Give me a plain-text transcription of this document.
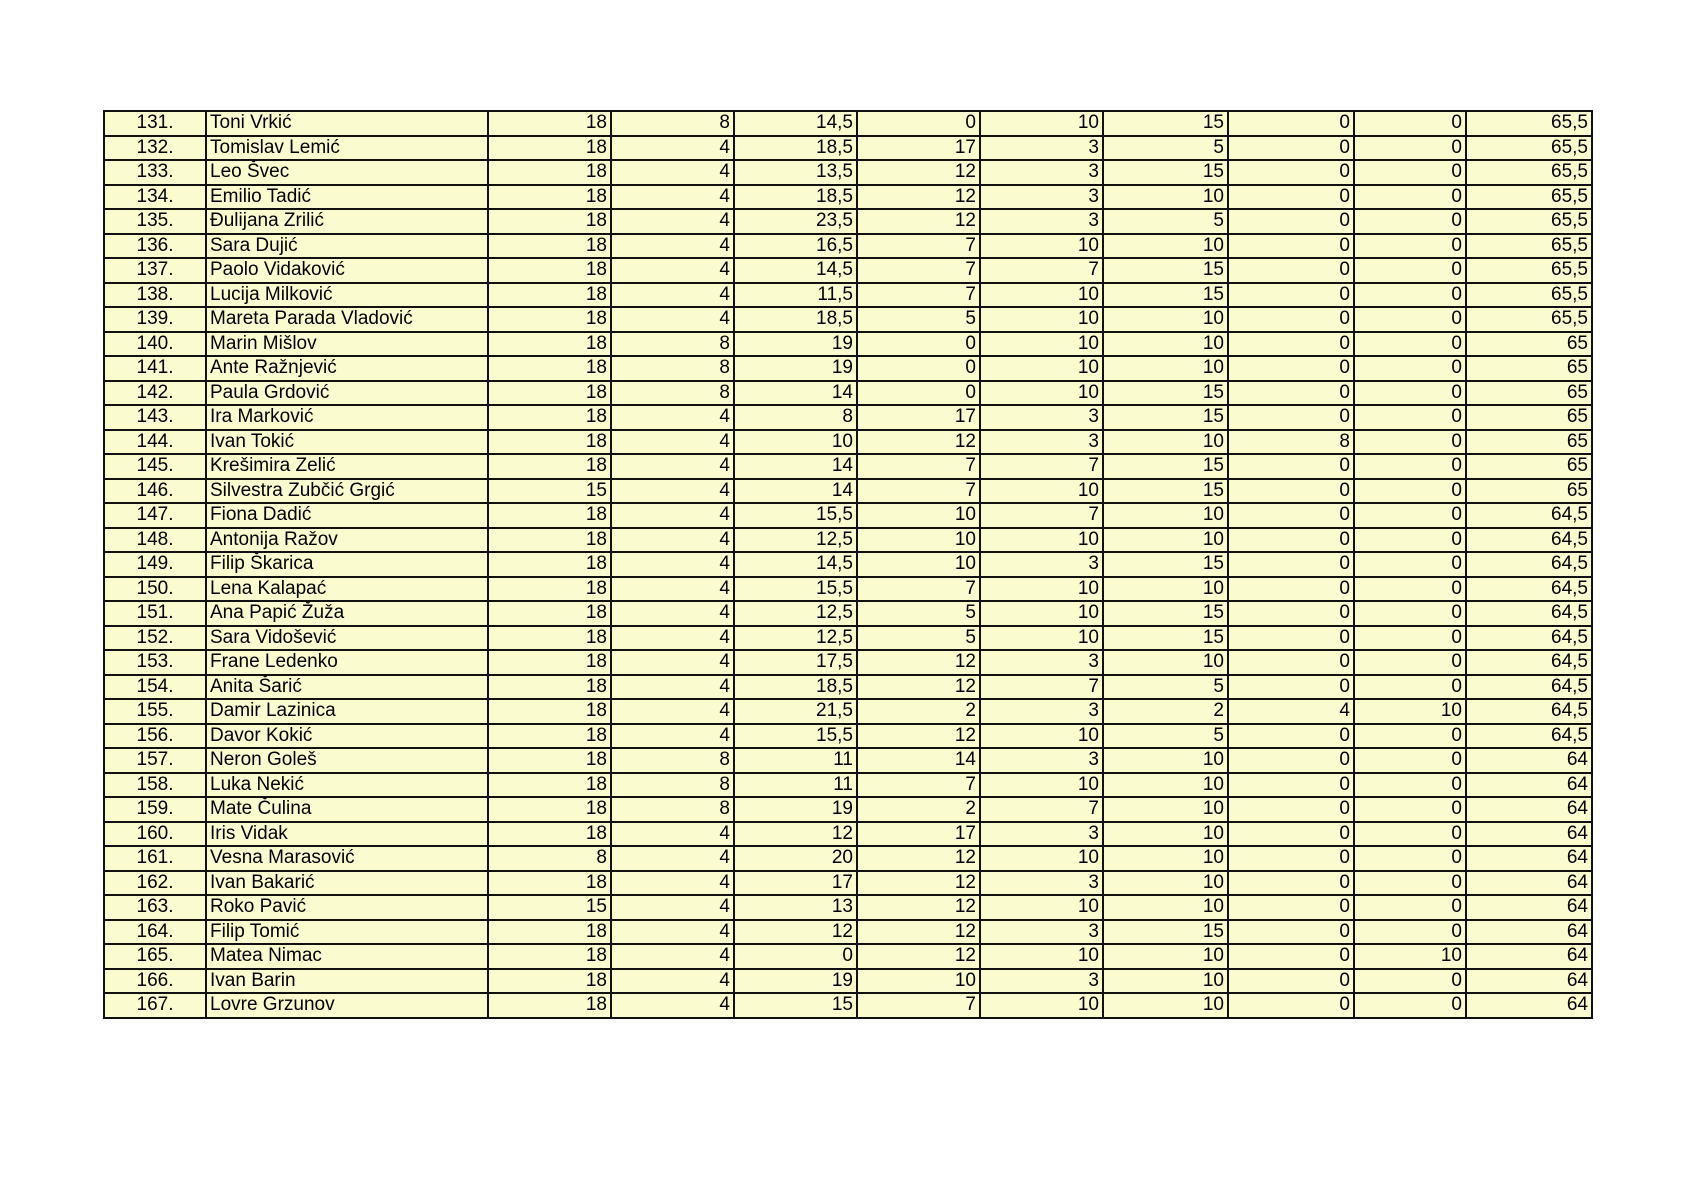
131.	Toni Vrkić	18	8	14,5	0	10	15	0	0	65,5
132.	Tomislav Lemić	18	4	18,5	17	3	5	0	0	65,5
133.	Leo Švec	18	4	13,5	12	3	15	0	0	65,5
134.	Emilio Tadić	18	4	18,5	12	3	10	0	0	65,5
135.	Đulijana Zrilić	18	4	23,5	12	3	5	0	0	65,5
136.	Sara Dujić	18	4	16,5	7	10	10	0	0	65,5
137.	Paolo Vidaković	18	4	14,5	7	7	15	0	0	65,5
138.	Lucija Milković	18	4	11,5	7	10	15	0	0	65,5
139.	Mareta Parada Vladović	18	4	18,5	5	10	10	0	0	65,5
140.	Marin Mišlov	18	8	19	0	10	10	0	0	65
141.	Ante Ražnjević	18	8	19	0	10	10	0	0	65
142.	Paula Grdović	18	8	14	0	10	15	0	0	65
143.	Ira Marković	18	4	8	17	3	15	0	0	65
144.	Ivan Tokić	18	4	10	12	3	10	8	0	65
145.	Krešimira Zelić	18	4	14	7	7	15	0	0	65
146.	Silvestra Zubčić Grgić	15	4	14	7	10	15	0	0	65
147.	Fiona Dadić	18	4	15,5	10	7	10	0	0	64,5
148.	Antonija Ražov	18	4	12,5	10	10	10	0	0	64,5
149.	Filip Škarica	18	4	14,5	10	3	15	0	0	64,5
150.	Lena Kalapać	18	4	15,5	7	10	10	0	0	64,5
151.	Ana Papić Žuža	18	4	12,5	5	10	15	0	0	64,5
152.	Sara Vidošević	18	4	12,5	5	10	15	0	0	64,5
153.	Frane Ledenko	18	4	17,5	12	3	10	0	0	64,5
154.	Anita Šarić	18	4	18,5	12	7	5	0	0	64,5
155.	Damir Lazinica	18	4	21,5	2	3	2	4	10	64,5
156.	Davor Kokić	18	4	15,5	12	10	5	0	0	64,5
157.	Neron Goleš	18	8	11	14	3	10	0	0	64
158.	Luka Nekić	18	8	11	7	10	10	0	0	64
159.	Mate Čulina	18	8	19	2	7	10	0	0	64
160.	Iris Vidak	18	4	12	17	3	10	0	0	64
161.	Vesna Marasović	8	4	20	12	10	10	0	0	64
162.	Ivan Bakarić	18	4	17	12	3	10	0	0	64
163.	Roko Pavić	15	4	13	12	10	10	0	0	64
164.	Filip Tomić	18	4	12	12	3	15	0	0	64
165.	Matea Nimac	18	4	0	12	10	10	0	10	64
166.	Ivan Barin	18	4	19	10	3	10	0	0	64
167.	Lovre Grzunov	18	4	15	7	10	10	0	0	64
